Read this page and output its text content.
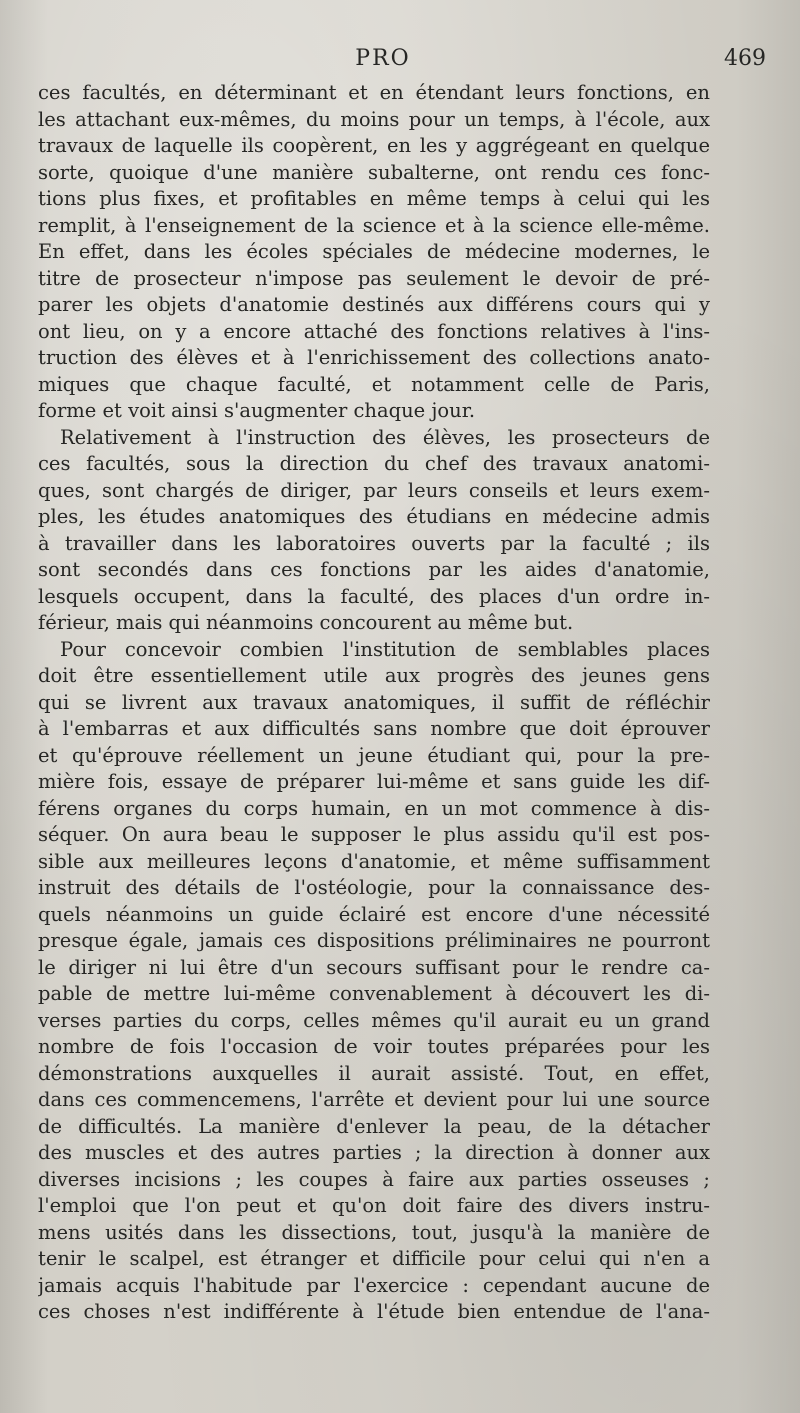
PRO	469
ces facultés, en déterminant et en étendant leurs fonctions, en
les attachant eux-mêmes, du moins pour un temps, à l'école, aux
travaux de laquelle ils coopèrent, en les y aggrégeant en quelque
sorte, quoique d'une manière subalterne, ont rendu ces fonc-
tions plus fixes, et profitables en même temps à celui qui les
remplit, à l'enseignement de la science et à la science elle-même.
En effet, dans les écoles spéciales de médecine modernes, le
titre de prosecteur n'impose pas seulement le devoir de pré-
parer les objets d'anatomie destinés aux différens cours qui y
ont lieu, on y a encore attaché des fonctions relatives à l'ins-
truction des élèves et à l'enrichissement des collections anato-
miques que chaque faculté, et notamment celle de Paris,
forme et voit ainsi s'augmenter chaque jour.
Relativement à l'instruction des élèves, les prosecteurs de
ces facultés, sous la direction du chef des travaux anatomi-
ques, sont chargés de diriger, par leurs conseils et leurs exem-
ples, les études anatomiques des étudians en médecine admis
à travailler dans les laboratoires ouverts par la faculté ; ils
sont secondés dans ces fonctions par les aides d'anatomie,
lesquels occupent, dans la faculté, des places d'un ordre in-
férieur, mais qui néanmoins concourent au même but.
Pour concevoir combien l'institution de semblables places
doit être essentiellement utile aux progrès des jeunes gens
qui se livrent aux travaux anatomiques, il suffit de réfléchir
à l'embarras et aux difficultés sans nombre que doit éprouver
et qu'éprouve réellement un jeune étudiant qui, pour la pre-
mière fois, essaye de préparer lui-même et sans guide les dif-
férens organes du corps humain, en un mot commence à dis-
séquer. On aura beau le supposer le plus assidu qu'il est pos-
sible aux meilleures leçons d'anatomie, et même suffisamment
instruit des détails de l'ostéologie, pour la connaissance des-
quels néanmoins un guide éclairé est encore d'une nécessité
presque égale, jamais ces dispositions préliminaires ne pourront
le diriger ni lui être d'un secours suffisant pour le rendre ca-
pable de mettre lui-même convenablement à découvert les di-
verses parties du corps, celles mêmes qu'il aurait eu un grand
nombre de fois l'occasion de voir toutes préparées pour les
démonstrations auxquelles il aurait assisté. Tout, en effet,
dans ces commencemens, l'arrête et devient pour lui une source
de difficultés. La manière d'enlever la peau, de la détacher
des muscles et des autres parties ; la direction à donner aux
diverses incisions ; les coupes à faire aux parties osseuses ;
l'emploi que l'on peut et qu'on doit faire des divers instru-
mens usités dans les dissections, tout, jusqu'à la manière de
tenir le scalpel, est étranger et difficile pour celui qui n'en a
jamais acquis l'habitude par l'exercice : cependant aucune de
ces choses n'est indifférente à l'étude bien entendue de l'ana-
